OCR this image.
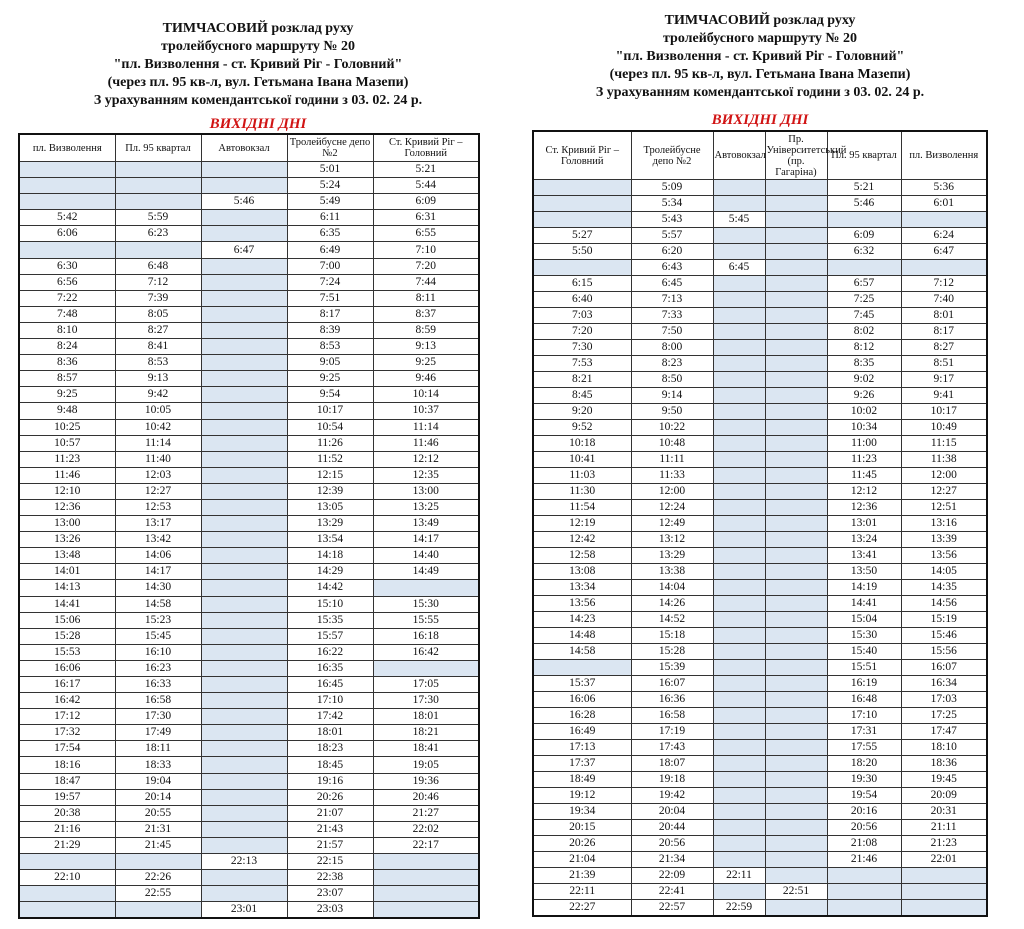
ТИМЧАСОВИЙ розклад руху
тролейбусного маршруту № 20
"пл. Визволення - ст. Кривий Ріг - Головний"
(через пл. 95 кв-л, вул. Гетьмана Івана Мазепи)
З урахуванням комендантської години з 03. 02. 24 р.
ВИХІДНІ ДНІ
пл. Визволення	Пл. 95 квартал	Автовокзал	Тролейбусне депо №2	Ст. Кривий Ріг – Головний
			5:01	5:21
			5:24	5:44
		5:46	5:49	6:09
5:42	5:59		6:11	6:31
6:06	6:23		6:35	6:55
		6:47	6:49	7:10
6:30	6:48		7:00	7:20
6:56	7:12		7:24	7:44
7:22	7:39		7:51	8:11
7:48	8:05		8:17	8:37
8:10	8:27		8:39	8:59
8:24	8:41		8:53	9:13
8:36	8:53		9:05	9:25
8:57	9:13		9:25	9:46
9:25	9:42		9:54	10:14
9:48	10:05		10:17	10:37
10:25	10:42		10:54	11:14
10:57	11:14		11:26	11:46
11:23	11:40		11:52	12:12
11:46	12:03		12:15	12:35
12:10	12:27		12:39	13:00
12:36	12:53		13:05	13:25
13:00	13:17		13:29	13:49
13:26	13:42		13:54	14:17
13:48	14:06		14:18	14:40
14:01	14:17		14:29	14:49
14:13	14:30		14:42	
14:41	14:58		15:10	15:30
15:06	15:23		15:35	15:55
15:28	15:45		15:57	16:18
15:53	16:10		16:22	16:42
16:06	16:23		16:35	
16:17	16:33		16:45	17:05
16:42	16:58		17:10	17:30
17:12	17:30		17:42	18:01
17:32	17:49		18:01	18:21
17:54	18:11		18:23	18:41
18:16	18:33		18:45	19:05
18:47	19:04		19:16	19:36
19:57	20:14		20:26	20:46
20:38	20:55		21:07	21:27
21:16	21:31		21:43	22:02
21:29	21:45		21:57	22:17
		22:13	22:15	
22:10	22:26		22:38	
	22:55		23:07	
		23:01	23:03	
ТИМЧАСОВИЙ розклад руху
тролейбусного маршруту № 20
"пл. Визволення - ст. Кривий Ріг - Головний"
(через пл. 95 кв-л, вул. Гетьмана Івана Мазепи)
З урахуванням комендантської години з 03. 02. 24 р.
ВИХІДНІ ДНІ
Ст. Кривий Ріг – Головний	Тролейбусне депо №2	Автовокзал	Пр. Університетський (пр. Гагаріна)	Пл. 95 квартал	пл. Визволення
	5:09			5:21	5:36
	5:34			5:46	6:01
	5:43	5:45			
5:27	5:57			6:09	6:24
5:50	6:20			6:32	6:47
	6:43	6:45			
6:15	6:45			6:57	7:12
6:40	7:13			7:25	7:40
7:03	7:33			7:45	8:01
7:20	7:50			8:02	8:17
7:30	8:00			8:12	8:27
7:53	8:23			8:35	8:51
8:21	8:50			9:02	9:17
8:45	9:14			9:26	9:41
9:20	9:50			10:02	10:17
9:52	10:22			10:34	10:49
10:18	10:48			11:00	11:15
10:41	11:11			11:23	11:38
11:03	11:33			11:45	12:00
11:30	12:00			12:12	12:27
11:54	12:24			12:36	12:51
12:19	12:49			13:01	13:16
12:42	13:12			13:24	13:39
12:58	13:29			13:41	13:56
13:08	13:38			13:50	14:05
13:34	14:04			14:19	14:35
13:56	14:26			14:41	14:56
14:23	14:52			15:04	15:19
14:48	15:18			15:30	15:46
14:58	15:28			15:40	15:56
	15:39			15:51	16:07
15:37	16:07			16:19	16:34
16:06	16:36			16:48	17:03
16:28	16:58			17:10	17:25
16:49	17:19			17:31	17:47
17:13	17:43			17:55	18:10
17:37	18:07			18:20	18:36
18:49	19:18			19:30	19:45
19:12	19:42			19:54	20:09
19:34	20:04			20:16	20:31
20:15	20:44			20:56	21:11
20:26	20:56			21:08	21:23
21:04	21:34			21:46	22:01
21:39	22:09	22:11			
22:11	22:41		22:51		
22:27	22:57	22:59			
